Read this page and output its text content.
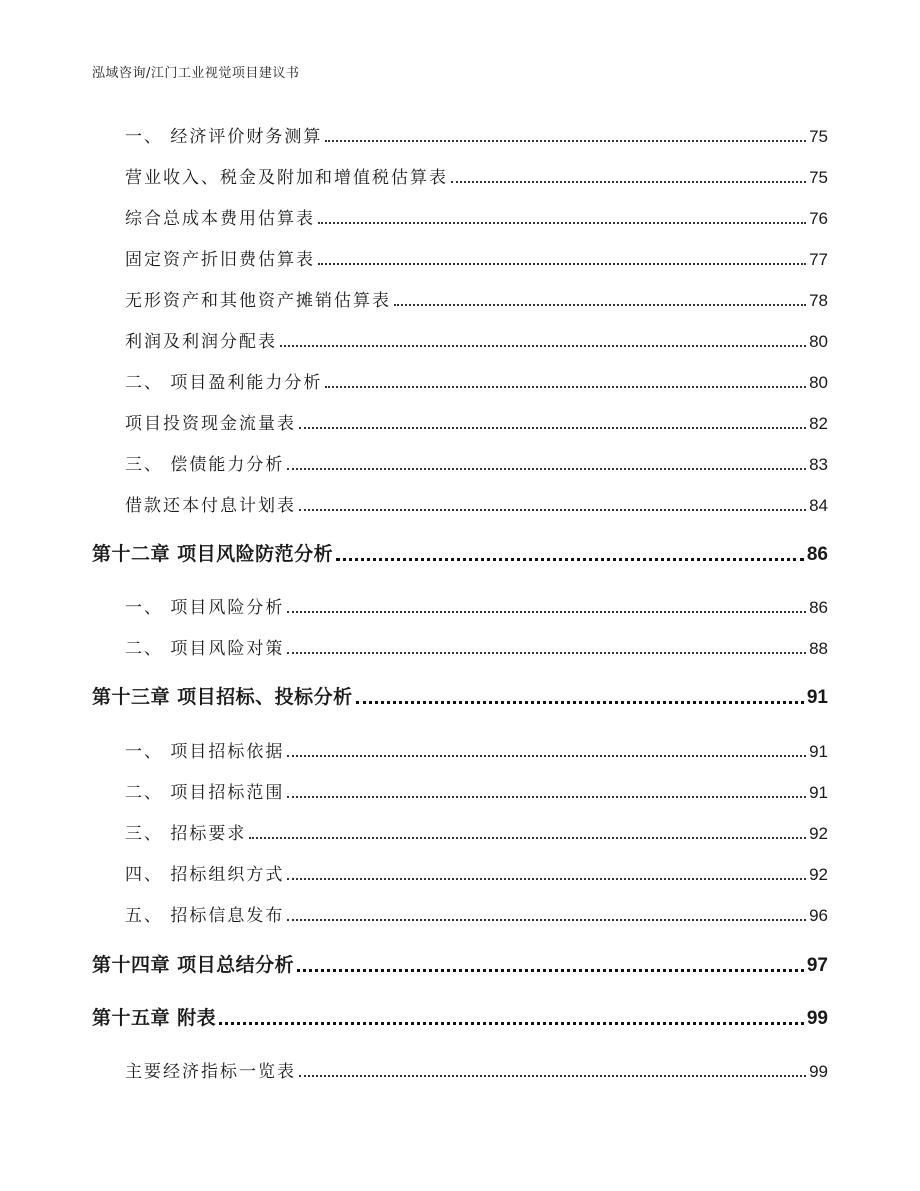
泓域咨询/江门工业视觉项目建议书
一、 经济评价财务测算	75
营业收入、税金及附加和增值税估算表	75
综合总成本费用估算表	76
固定资产折旧费估算表	77
无形资产和其他资产摊销估算表	78
利润及利润分配表	80
二、 项目盈利能力分析	80
项目投资现金流量表	82
三、 偿债能力分析	83
借款还本付息计划表	84
第十二章 项目风险防范分析	86
一、 项目风险分析	86
二、 项目风险对策	88
第十三章 项目招标、投标分析	91
一、 项目招标依据	91
二、 项目招标范围	91
三、 招标要求	92
四、 招标组织方式	92
五、 招标信息发布	96
第十四章 项目总结分析	97
第十五章 附表	99
主要经济指标一览表	99
